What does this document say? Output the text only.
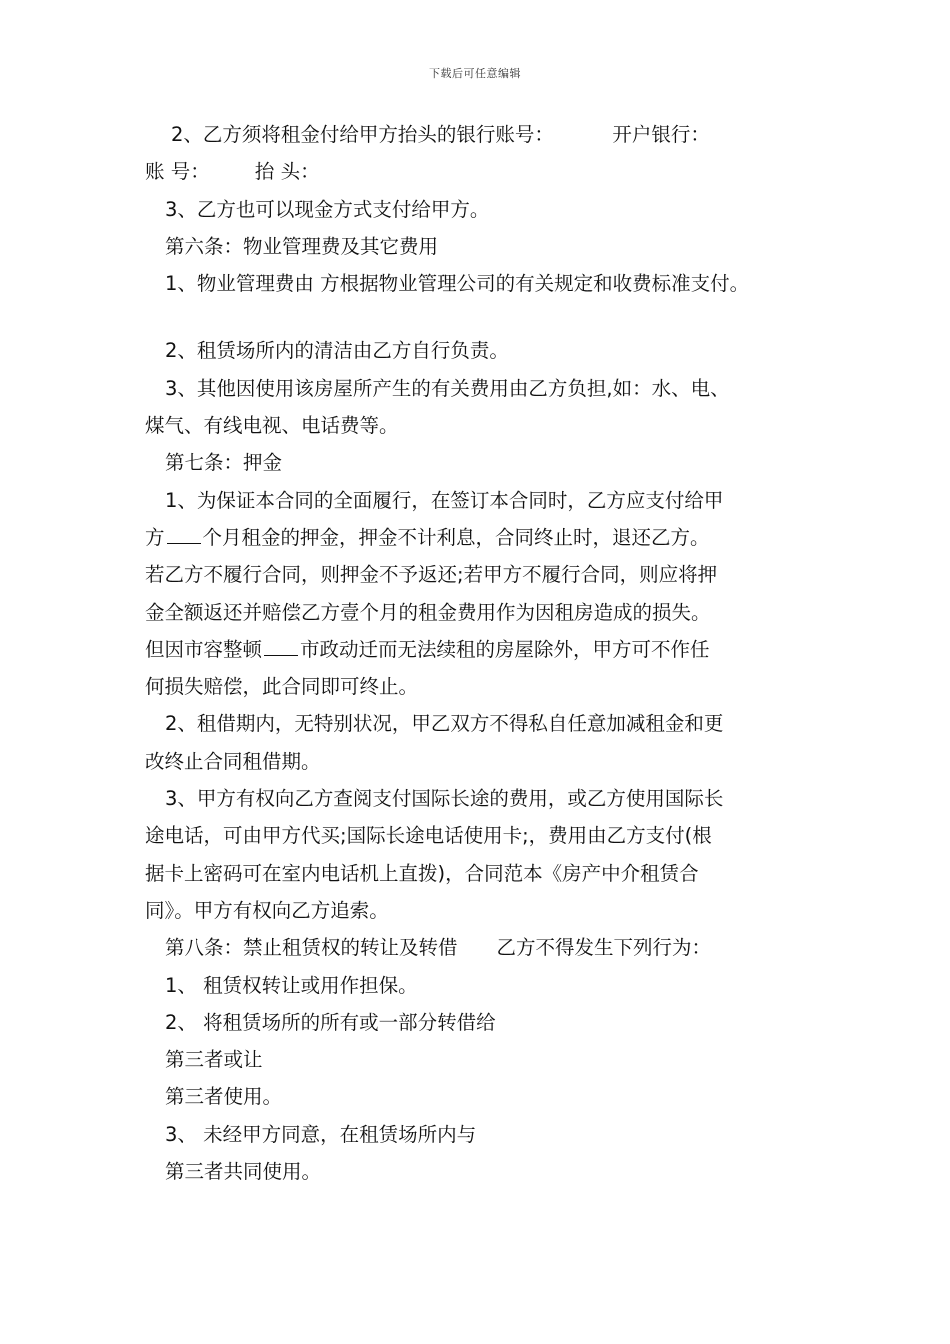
下载后可任意编辑
2、乙方须将租金付给甲方抬头的银行账号：   开户银行：
账 号：   抬 头：
3、乙方也可以现金方式支付给甲方。
第六条：物业管理费及其它费用
1、物业管理费由 方根据物业管理公司的有关规定和收费标准支付。
2、租赁场所内的清洁由乙方自行负责。
3、其他因使用该房屋所产生的有关费用由乙方负担,如：水、电、
煤气、有线电视、电话费等。
第七条：押金
1、为保证本合同的全面履行，在签订本合同时，乙方应支付给甲
方 个月租金的押金，押金不计利息，合同终止时，退还乙方。
若乙方不履行合同，则押金不予返还;若甲方不履行合同，则应将押
金全额返还并赔偿乙方壹个月的租金费用作为因租房造成的损失。
但因市容整顿 市政动迁而无法续租的房屋除外，甲方可不作任
何损失赔偿，此合同即可终止。
2、租借期内，无特别状况，甲乙双方不得私自任意加减租金和更
改终止合同租借期。
3、甲方有权向乙方查阅支付国际长途的费用，或乙方使用国际长
途电话，可由甲方代买;国际长途电话使用卡;，费用由乙方支付(根
据卡上密码可在室内电话机上直拨)，合同范本《房产中介租赁合
同》。甲方有权向乙方追索。
第八条：禁止租赁权的转让及转借  乙方不得发生下列行为：
1、 租赁权转让或用作担保。
2、 将租赁场所的所有或一部分转借给
第三者或让
第三者使用。
3、 未经甲方同意，在租赁场所内与
第三者共同使用。
